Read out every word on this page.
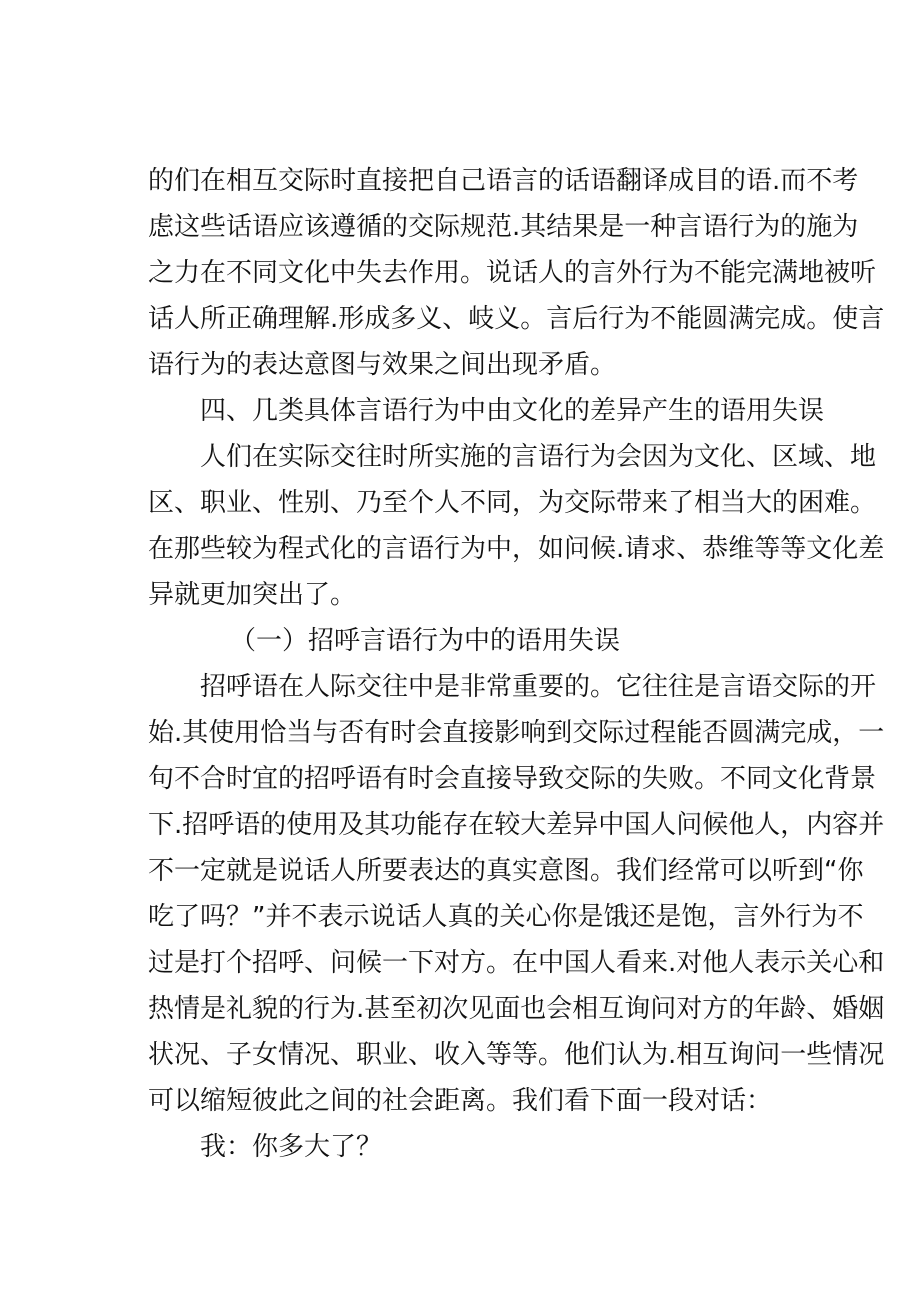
的们在相互交际时直接把自己语言的话语翻译成目的语.而不考
虑这些话语应该遵循的交际规范.其结果是一种言语行为的施为
之力在不同文化中失去作用。说话人的言外行为不能完满地被听
话人所正确理解.形成多义、岐义。言后行为不能圆满完成。使言
语行为的表达意图与效果之间出现矛盾。
四、几类具体言语行为中由文化的差异产生的语用失误
人们在实际交往时所实施的言语行为会因为文化、区域、地
区、职业、性别、乃至个人不同，为交际带来了相当大的困难。
在那些较为程式化的言语行为中，如问候.请求、恭维等等文化差
异就更加突出了。
（一）招呼言语行为中的语用失误
招呼语在人际交往中是非常重要的。它往往是言语交际的开
始.其使用恰当与否有时会直接影响到交际过程能否圆满完成，一
句不合时宜的招呼语有时会直接导致交际的失败。不同文化背景
下.招呼语的使用及其功能存在较大差异中国人问候他人，内容并
不一定就是说话人所要表达的真实意图。我们经常可以听到“你
吃了吗？”并不表示说话人真的关心你是饿还是饱，言外行为不
过是打个招呼、问候一下对方。在中国人看来.对他人表示关心和
热情是礼貌的行为.甚至初次见面也会相互询问对方的年龄、婚姻
状况、子女情况、职业、收入等等。他们认为.相互询问一些情况
可以缩短彼此之间的社会距离。我们看下面一段对话：
我：你多大了？
